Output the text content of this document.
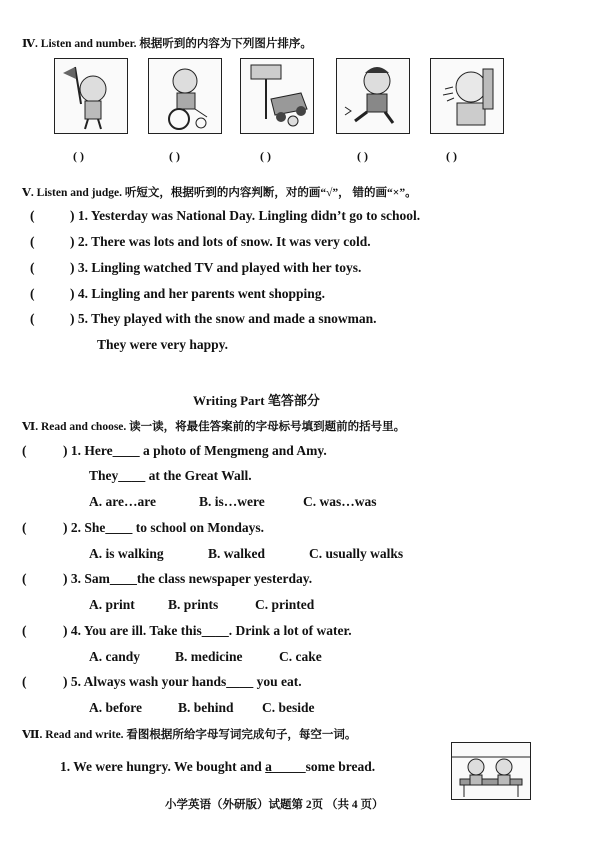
Ⅳ. Listen and number. 根据听到的内容为下列图片排序。
( )	( )	( )	( )	( )
Ⅴ. Listen and judge. 听短文，根据听到的内容判断，对的画“√”， 错的画“×”。
(	) 1. Yesterday was National Day. Lingling didn’t go to school.
(	) 2. There was lots and lots of snow. It was very cold.
(	) 3. Lingling watched TV and played with her toys.
(	) 4. Lingling and her parents went shopping.
(	) 5. They played with the snow and made a snowman.
They were very happy.
Writing Part 笔答部分
Ⅵ. Read and choose. 读一读，将最佳答案前的字母标号填到题前的括号里。
(	) 1. Here____ a photo of Mengmeng and Amy.
They____ at the Great Wall.
A. are…are	B. is…were	C. was…was
(	) 2. She____ to school on Mondays.
A. is walking	B. walked	C. usually walks
(	) 3. Sam____the class newspaper yesterday.
A. print B. prints	C. printed
(	) 4. You are ill. Take this____. Drink a lot of water.
A. candy	B. medicine	C. cake
(	) 5. Always wash your hands____ you eat.
A. before	B. behind C. beside
Ⅶ. Read and write. 看图根据所给字母写词完成句子，每空一词。
1. We were hungry. We bought and a_____some bread.
小学英语（外研版）试题第 2页 （共 4 页）
